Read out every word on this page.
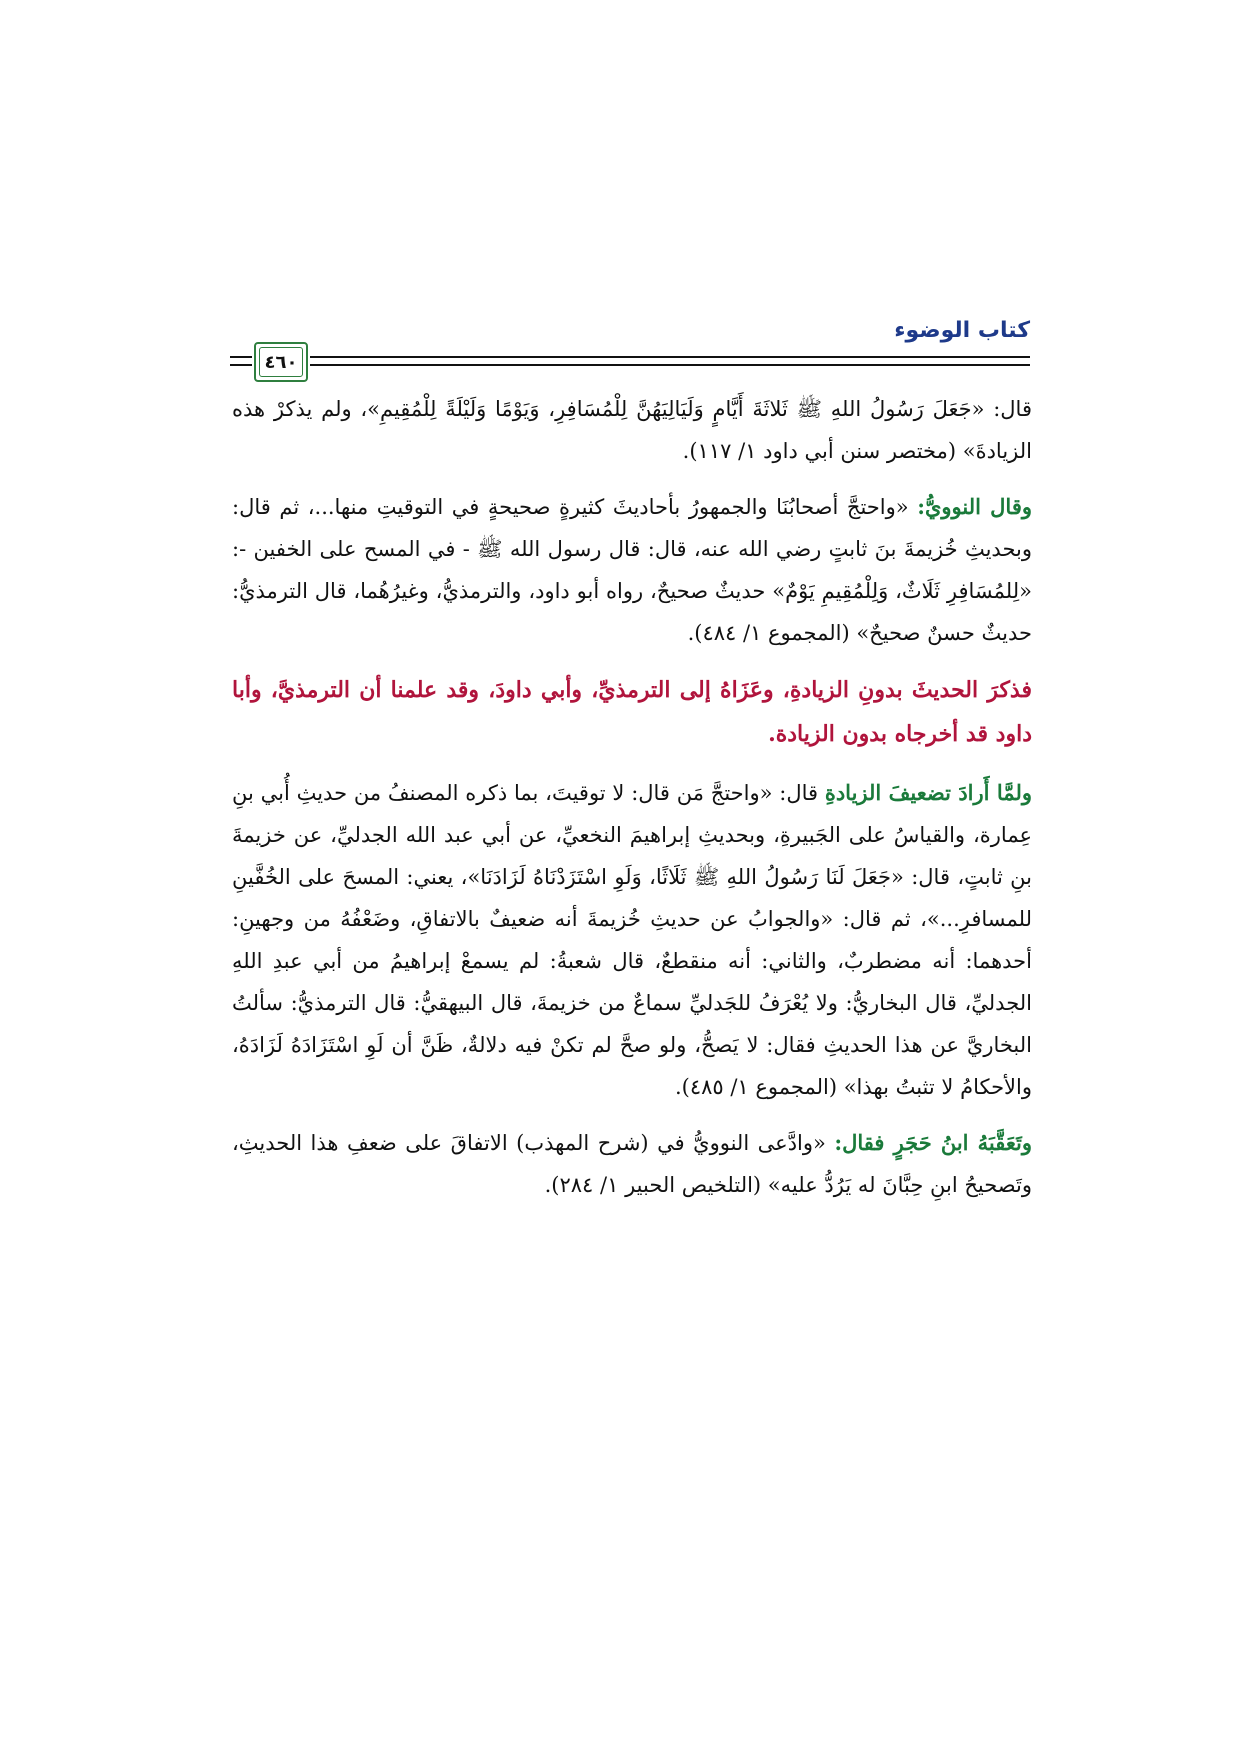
كتاب الوضوء
٤٦٠

قال: «جَعَلَ رَسُولُ اللهِ ﷺ ثَلاثَةَ أَيَّامٍ وَلَيَالِيَهُنَّ لِلْمُسَافِرِ، وَيَوْمًا وَلَيْلَةً لِلْمُقِيمِ»، ولم يذكرْ هذه الزيادةَ» (مختصر سنن أبي داود ١/ ١١٧).

وقال النوويُّ: «واحتجَّ أصحابُنَا والجمهورُ بأحاديثَ كثيرةٍ صحيحةٍ في التوقيتِ منها...، ثم قال: وبحديثِ خُزيمةَ بنَ ثابتٍ رضي الله عنه، قال: قال رسول الله ﷺ - في المسح على الخفين -: «لِلمُسَافِرِ ثَلَاثٌ، وَلِلْمُقِيمِ يَوْمٌ» حديثٌ صحيحٌ، رواه أبو داود، والترمذيُّ، وغيرُهُما، قال الترمذيُّ: حديثٌ حسنٌ صحيحٌ» (المجموع ١/ ٤٨٤).

فذكرَ الحديثَ بدونِ الزيادةِ، وعَزَاهُ إلى الترمذيِّ، وأبي داودَ، وقد علمنا أن الترمذيَّ، وأبا داود قد أخرجاه بدون الزيادة.

ولمَّا أَرادَ تضعيفَ الزيادةِ قال: «واحتجَّ مَن قال: لا توقيتَ، بما ذكره المصنفُ من حديثِ أُبي بنِ عِمارة، والقياسُ على الجَبيرةِ، وبحديثِ إبراهيمَ النخعيِّ، عن أبي عبد الله الجدليِّ، عن خزيمةَ بنِ ثابتٍ، قال: «جَعَلَ لَنَا رَسُولُ اللهِ ﷺ ثَلَاثًا، وَلَوِ اسْتَزَدْنَاهُ لَزَادَنَا»، يعني: المسحَ على الخُفَّينِ للمسافرِ...»، ثم قال: «والجوابُ عن حديثِ خُزيمةَ أنه ضعيفٌ بالاتفاقِ، وضَعْفُهُ من وجهينِ: أحدهما: أنه مضطربٌ، والثاني: أنه منقطعٌ، قال شعبةُ: لم يسمعْ إبراهيمُ من أبي عبدِ اللهِ الجدليِّ، قال البخاريُّ: ولا يُعْرَفُ للجَدليِّ سماعٌ من خزيمةَ، قال البيهقيُّ: قال الترمذيُّ: سألتُ البخاريَّ عن هذا الحديثِ فقال: لا يَصحُّ، ولو صحَّ لم تكنْ فيه دلالةٌ، ظَنَّ أن لَوِ اسْتَزَادَهُ لَزَادَهُ، والأحكامُ لا تثبتُ بهذا» (المجموع ١/ ٤٨٥).

وتَعَقَّبَهُ ابنُ حَجَرٍ فقال: «وادَّعى النوويُّ في (شرح المهذب) الاتفاقَ على ضعفِ هذا الحديثِ، وتَصحيحُ ابنِ حِبَّانَ له يَرُدُّ عليه» (التلخيص الحبير ١/ ٢٨٤).
